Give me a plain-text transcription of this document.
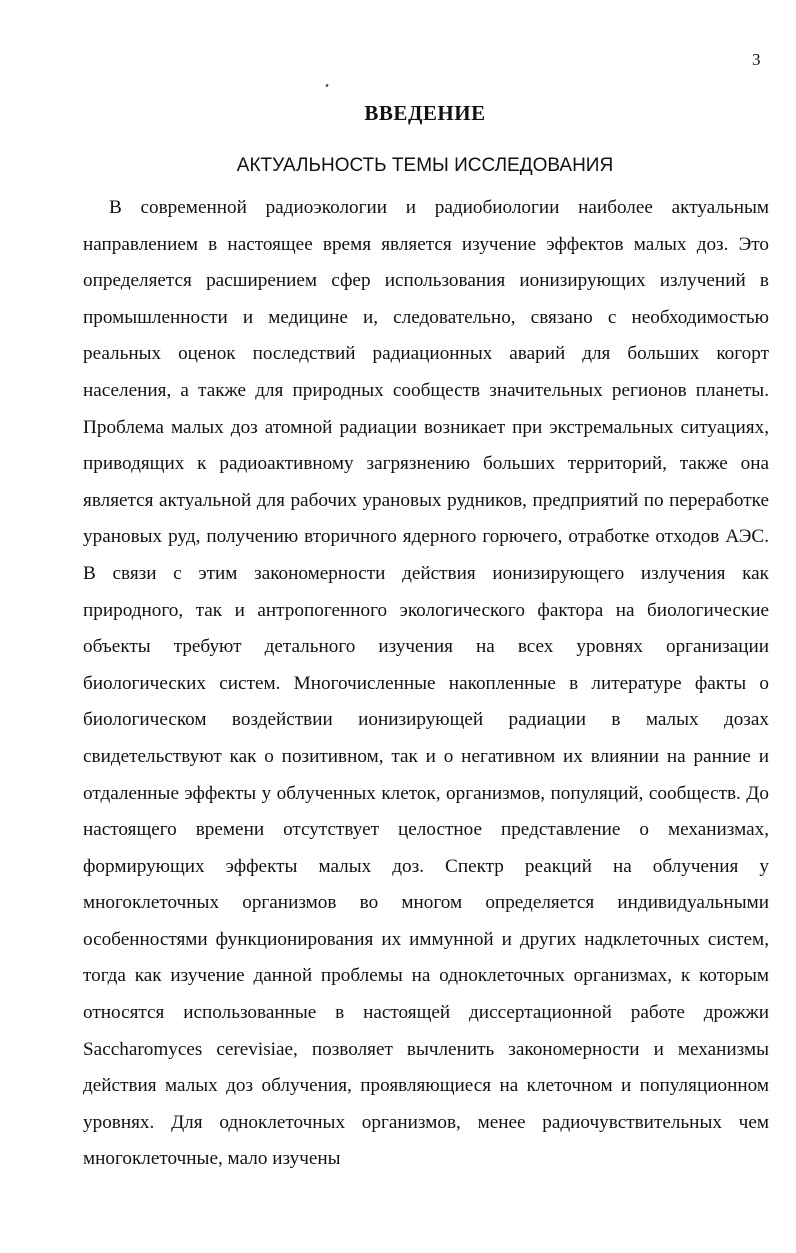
3
ВВЕДЕНИЕ
АКТУАЛЬНОСТЬ ТЕМЫ ИССЛЕДОВАНИЯ

В современной радиоэкологии и радиобиологии наиболее актуальным направлением в настоящее время является изучение эффектов малых доз. Это определяется расширением сфер использования ионизирующих излучений в промышленности и медицине и, следовательно, связано с необходимостью реальных оценок последствий радиационных аварий для больших когорт населения, а также для природных сообществ значительных регионов планеты. Проблема малых доз атомной радиации возникает при экстремальных ситуациях, приводящих к радиоактивному загрязнению больших территорий, также она является актуальной для рабочих урановых рудников, предприятий по переработке урановых руд, получению вторичного ядерного горючего, отработке отходов АЭС. В связи с этим закономерности действия ионизирующего излучения как природного, так и антропогенного экологического фактора на биологические объекты требуют детального изучения на всех уровнях организации биологических систем. Многочисленные накопленные в литературе факты о биологическом воздействии ионизирующей радиации в малых дозах свидетельствуют как о позитивном, так и о негативном их влиянии на ранние и отдаленные эффекты у облученных клеток, организмов, популяций, сообществ. До настоящего времени отсутствует целостное представление о механизмах, формирующих эффекты малых доз. Спектр реакций на облучения у многоклеточных организмов во многом определяется индивидуальными особенностями функционирования их иммунной и других надклеточных систем, тогда как изучение данной проблемы на одноклеточных организмах, к которым относятся использованные в настоящей диссертационной работе дрожжи Saccharomyces cerevisiae, позволяет вычленить закономерности и механизмы действия малых доз облучения, проявляющиеся на клеточном и популяционном уровнях. Для одноклеточных организмов, менее радиочувствительных чем многоклеточные, мало изучены
